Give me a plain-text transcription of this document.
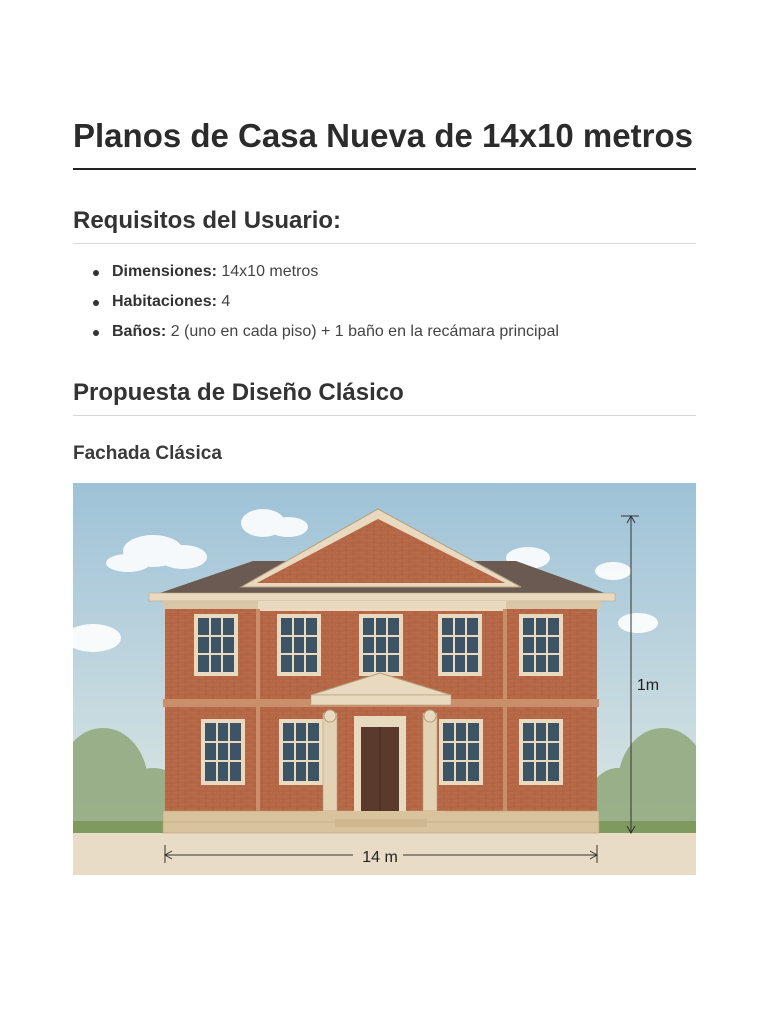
Planos de Casa Nueva de 14x10 metros
Requisitos del Usuario:
Dimensiones: 14x10 metros
Habitaciones: 4
Baños: 2 (uno en cada piso) + 1 baño en la recámara principal
Propuesta de Diseño Clásico
Fachada Clásica
14 m
1m
